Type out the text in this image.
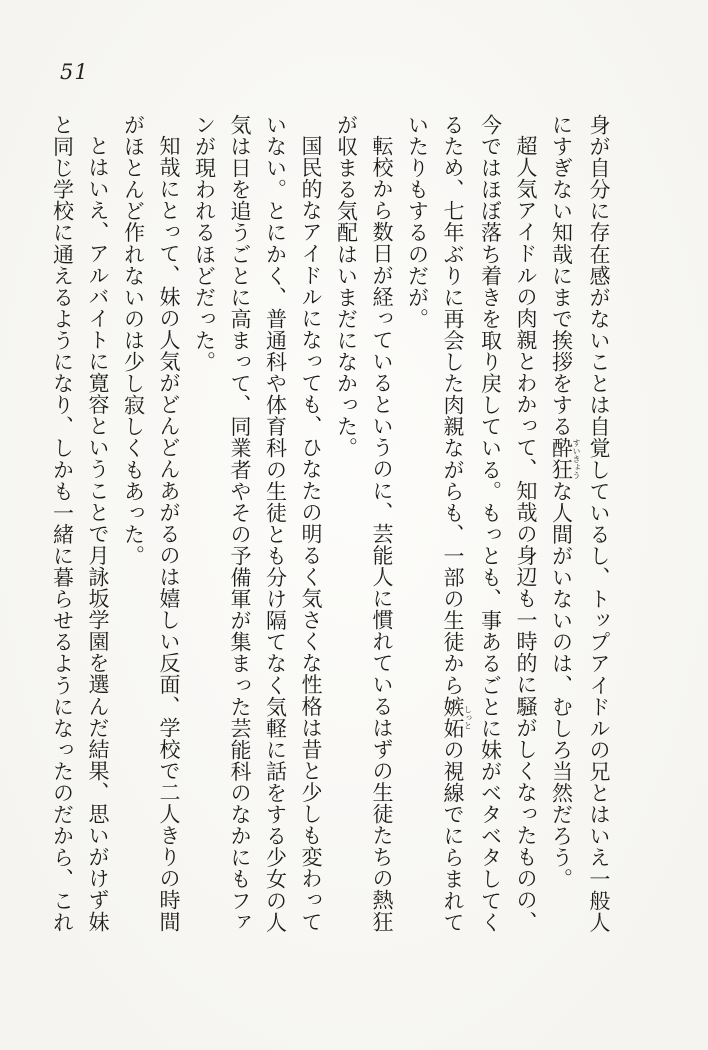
51
身が自分に存在感がないことは自覚しているし、トップアイドルの兄とはいえ一般人
にすぎない知哉にまで挨拶をする酔狂すいきょうな人間がいないのは、むしろ当然だろう。
超人気アイドルの肉親とわかって、知哉の身辺も一時的に騒がしくなったものの、
今ではほぼ落ち着きを取り戻している。もっとも、事あるごとに妹がベタベタしてく
るため、七年ぶりに再会した肉親ながらも、一部の生徒から嫉妬しっとの視線でにらまれて
いたりもするのだが。
転校から数日が経っているというのに、芸能人に慣れているはずの生徒たちの熱狂
が収まる気配はいまだになかった。
国民的なアイドルになっても、ひなたの明るく気さくな性格は昔と少しも変わって
いない。とにかく、普通科や体育科の生徒とも分け隔てなく気軽に話をする少女の人
気は日を追うごとに高まって、同業者やその予備軍が集まった芸能科のなかにもファ
ンが現われるほどだった。
知哉にとって、妹の人気がどんどんあがるのは嬉しい反面、学校で二人きりの時間
がほとんど作れないのは少し寂しくもあった。
とはいえ、アルバイトに寛容ということで月詠坂学園を選んだ結果、思いがけず妹
と同じ学校に通えるようになり、しかも一緒に暮らせるようになったのだから、これ
